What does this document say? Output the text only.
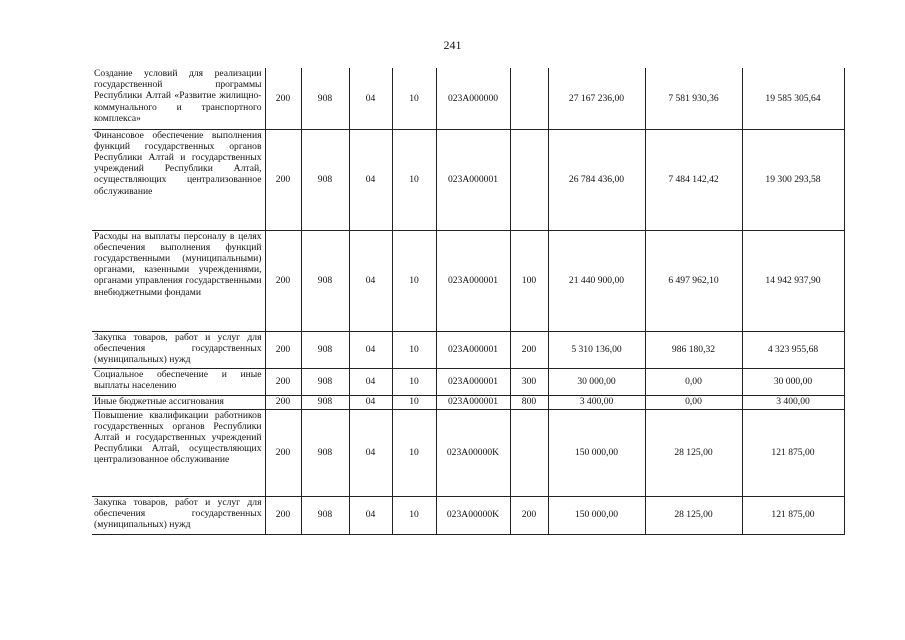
241
Создание условий для реализации государственной программы Республики Алтай «Развитие жилищно-коммунального и транспортного комплекса»	200	908	04	10	023A000000		27 167 236,00	7 581 930,36	19 585 305,64
Финансовое обеспечение выполнения функций государственных органов Республики Алтай и государственных учреждений Республики Алтай, осуществляющих централизованное обслуживание	200	908	04	10	023A000001		26 784 436,00	7 484 142,42	19 300 293,58
Расходы на выплаты персоналу в целях обеспечения выполнения функций государственными (муниципальными) органами, казенными учреждениями, органами управления государственными внебюджетными фондами	200	908	04	10	023A000001	100	21 440 900,00	6 497 962,10	14 942 937,90
Закупка товаров, работ и услуг для обеспечения государственных (муниципальных) нужд	200	908	04	10	023A000001	200	5 310 136,00	986 180,32	4 323 955,68
Социальное обеспечение и иные выплаты населению	200	908	04	10	023A000001	300	30 000,00	0,00	30 000,00
Иные бюджетные ассигнования	200	908	04	10	023A000001	800	3 400,00	0,00	3 400,00
Повышение квалификации работников государственных органов Республики Алтай и государственных учреждений Республики Алтай, осуществляющих централизованное обслуживание	200	908	04	10	023A00000K		150 000,00	28 125,00	121 875,00
Закупка товаров, работ и услуг для обеспечения государственных (муниципальных) нужд	200	908	04	10	023A00000K	200	150 000,00	28 125,00	121 875,00
